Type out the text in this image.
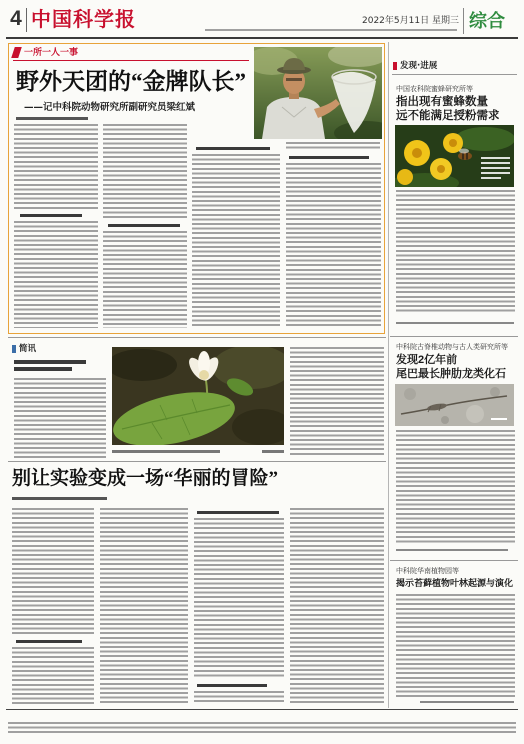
4 中国科学报	2022年5月11日 星期三 综合
一所一人一事
野外天团的“金牌队长”
——记中科院动物研究所副研究员梁红斌
发现·进展
中国农科院蜜蜂研究所等
指出现有蜜蜂数量
远不能满足授粉需求
中科院古脊椎动物与古人类研究所等
发现2亿年前
尾巴最长肿肋龙类化石
中科院华南植物园等
揭示苔藓植物叶林起源与演化
简讯
别让实验变成一场“华丽的冒险”
